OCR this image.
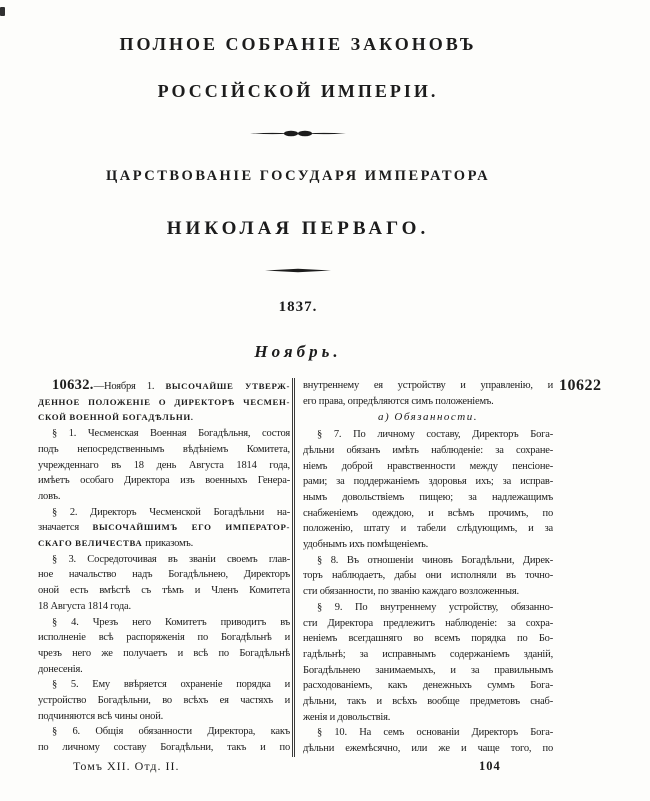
ПОЛНОЕ СОБРАНІЕ ЗАКОНОВЪ
РОССІЙСКОЙ ИМПЕРІИ.
ЦАРСТВОВАНІЕ ГОСУДАРЯ ИМПЕРАТОРА
НИКОЛАЯ ПЕРВАГО.
1837.
Ноябрь.
10632.—Ноября 1. ВЫСОЧАЙШЕ УТВЕРЖ-
ДЕННОЕ ПОЛОЖЕНІЕ О ДИРЕКТОРѢ ЧЕСМЕН-
СКОЙ ВОЕННОЙ БОГАДѢЛЬНИ.
§ 1. Чесменская Военная Богадѣльня, состоя
подъ непосредственнымъ вѣдѣніемъ Комитета,
учрежденнаго въ 18 день Августа 1814 года,
имѣетъ особаго Директора изъ военныхъ Генера-
ловъ.
§ 2. Директоръ Чесменской Богадѣльни на-
значается ВЫСОЧАЙШИМЪ ЕГО ИМПЕРАТОР-
СКАГО ВЕЛИЧЕСТВА приказомъ.
§ 3. Сосредоточивая въ званіи своемъ глав-
ное начальство надъ Богадѣльнею, Директоръ
оной есть вмѣстѣ съ тѣмъ и Членъ Комитета
18 Августа 1814 года.
§ 4. Чрезъ него Комитетъ приводитъ въ
исполненіе всѣ распоряженія по Богадѣльнѣ и
чрезъ него же получаетъ и всѣ по Богадѣльнѣ
донесенія.
§ 5. Ему ввѣряется охраненіе порядка и
устройство Богадѣльни, во всѣхъ ея частяхъ и
подчиняются всѣ чины оной.
§ 6. Общія обязанности Директора, какъ
по личному составу Богадѣльни, такъ и по
внутреннему ея устройству и управленію, и
его права, опредѣляются симъ положеніемъ.
а) Обязанности.
§ 7. По личному составу, Директоръ Бога-
дѣльни обязанъ имѣть наблюденіе: за сохране-
ніемъ доброй нравственности между пенсіоне-
рами; за поддержаніемъ здоровья ихъ; за исправ-
нымъ довольствіемъ пищею; за надлежащимъ
снабженіемъ одеждою, и всѣмъ прочимъ, по
положенію, штату и табели слѣдующимъ, и за
удобнымъ ихъ помѣщеніемъ.
§ 8. Въ отношеніи чиновъ Богадѣльни, Дирек-
торъ наблюдаетъ, дабы они исполняли въ точно-
сти обязанности, по званію каждаго возложенныя.
§ 9. По внутреннему устройству, обязанно-
сти Директора предлежитъ наблюденіе: за сохра-
неніемъ всегдашняго во всемъ порядка по Бо-
гадѣльнѣ; за исправнымъ содержаніемъ зданій,
Богадѣльнею занимаемыхъ, и за правильнымъ
расходованіемъ, какъ денежныхъ суммъ Бога-
дѣльни, такъ и всѣхъ вообще предметовъ снаб-
женія и довольствія.
§ 10. На семъ основаніи Директоръ Бога-
дѣльни ежемѣсячно, или же и чаще того, по
10622
Томъ XII. Отд. II.	104
